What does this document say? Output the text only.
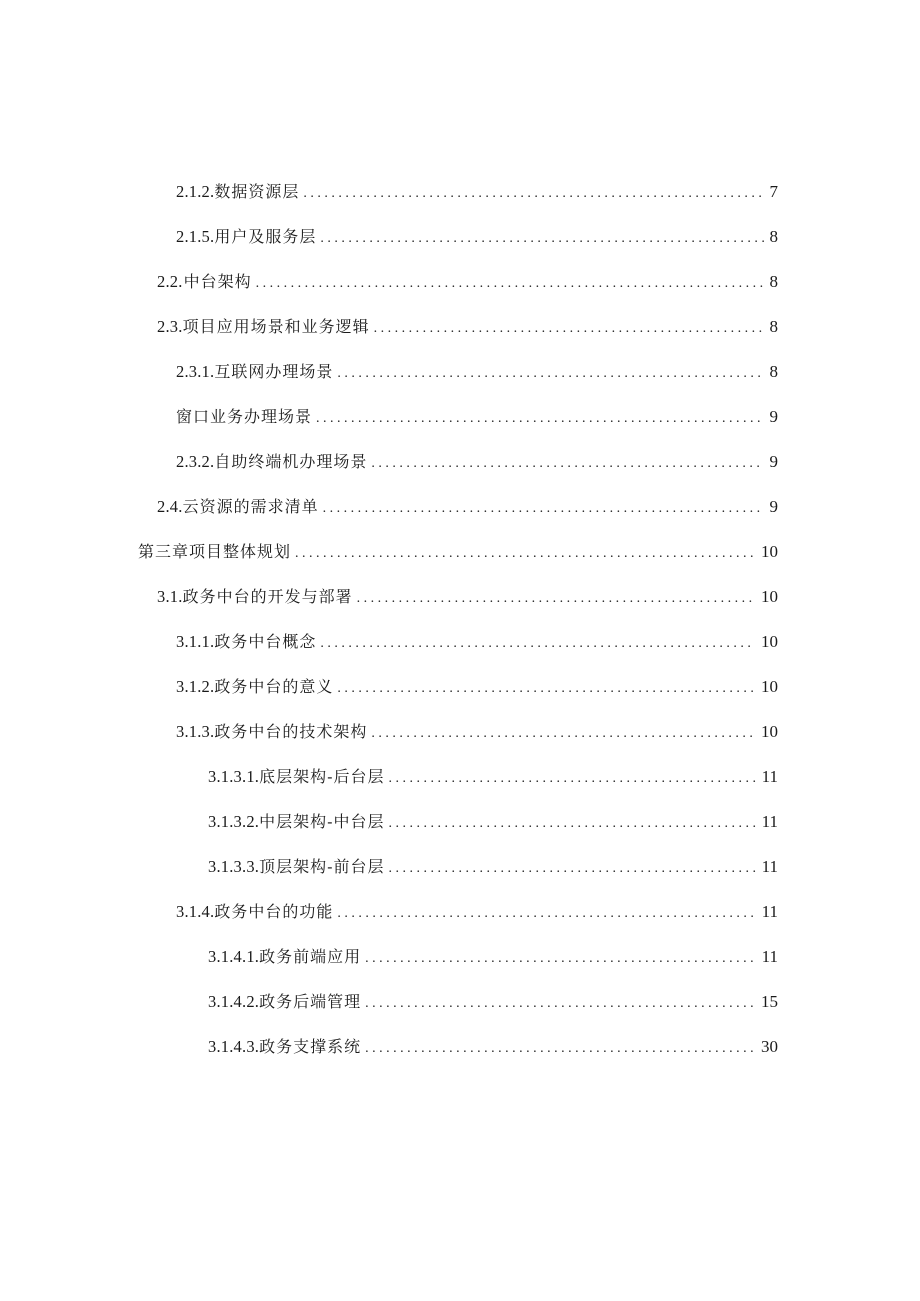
2.1.2. 数据资源层 . . .	7
2.1.5. 用户及服务层 . . .	8
2.2. 中台架构 . . .	8
2.3. 项目应用场景和业务逻辑 . . .	8
2.3.1. 互联网办理场景 . . .	8
窗口业务办理场景 . . .	9
2.3.2. 自助终端机办理场景 . . .	9
2.4. 云资源的需求清单 . . .	9
第三章项目整体规划 . . .	10
3.1. 政务中台的开发与部署 . . .	10
3.1.1. 政务中台概念 . . .	10
3.1.2. 政务中台的意义 . . .	10
3.1.3. 政务中台的技术架构 . . .	10
3.1.3.1. 底层架构-后台层 . . .	11
3.1.3.2. 中层架构-中台层 . . .	11
3.1.3.3. 顶层架构-前台层 . . .	11
3.1.4. 政务中台的功能 . . .	11
3.1.4.1. 政务前端应用 . . .	11
3.1.4.2. 政务后端管理 . . .	15
3.1.4.3. 政务支撑系统 . . .	30
